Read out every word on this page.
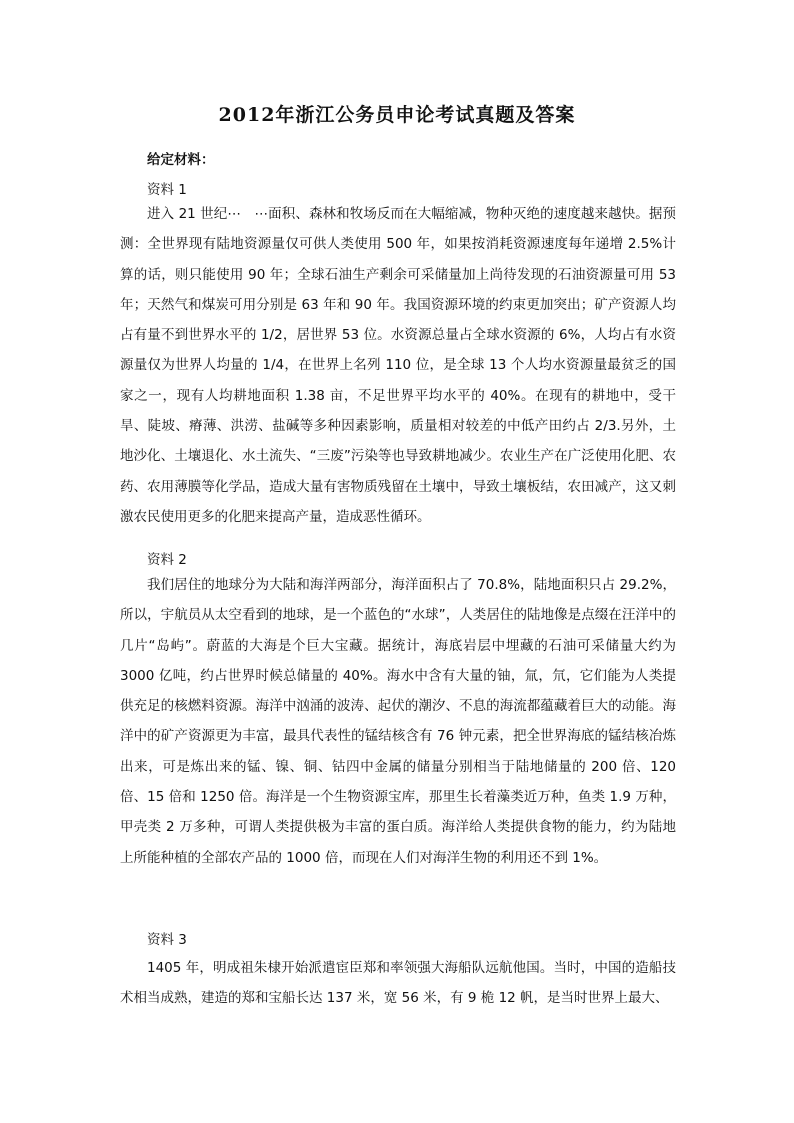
2012年浙江公务员申论考试真题及答案
给定材料：
资料 1

进入 21 世纪⋯　⋯面积、森林和牧场反而在大幅缩减，物种灭绝的速度越来越快。据预测：全世界现有陆地资源量仅可供人类使用 500 年，如果按消耗资源速度每年递增 2.5%计算的话，则只能使用 90 年；全球石油生产剩余可采储量加上尚待发现的石油资源量可用 53 年；天然气和煤炭可用分别是 63 年和 90 年。我国资源环境的约束更加突出；矿产资源人均占有量不到世界水平的 1/2，居世界 53 位。水资源总量占全球水资源的 6%，人均占有水资源量仅为世界人均量的 1/4，在世界上名列 110 位，是全球 13 个人均水资源量最贫乏的国家之一，现有人均耕地面积 1.38 亩，不足世界平均水平的 40%。在现有的耕地中，受干旱、陡坡、瘠薄、洪涝、盐碱等多种因素影响，质量相对较差的中低产田约占 2/3.另外，土地沙化、土壤退化、水土流失、“三废”污染等也导致耕地减少。农业生产在广泛使用化肥、农药、农用薄膜等化学品，造成大量有害物质残留在土壤中，导致土壤板结，农田减产，这又刺激农民使用更多的化肥来提高产量，造成恶性循环。

资料 2

我们居住的地球分为大陆和海洋两部分，海洋面积占了 70.8%，陆地面积只占 29.2%，所以，宇航员从太空看到的地球，是一个蓝色的“水球”，人类居住的陆地像是点缀在汪洋中的几片“岛屿”。蔚蓝的大海是个巨大宝藏。据统计，海底岩层中埋藏的石油可采储量大约为 3000 亿吨，约占世界时候总储量的 40%。海水中含有大量的铀，氚，氘，它们能为人类提供充足的核燃料资源。海洋中汹涌的波涛、起伏的潮汐、不息的海流都蕴藏着巨大的动能。海洋中的矿产资源更为丰富，最具代表性的锰结核含有 76 钟元素，把全世界海底的锰结核冶炼出来，可是炼出来的锰、镍、铜、钴四中金属的储量分别相当于陆地储量的 200 倍、120 倍、15 倍和 1250 倍。海洋是一个生物资源宝库，那里生长着藻类近万种，鱼类 1.9 万种，甲壳类 2 万多种，可谓人类提供极为丰富的蛋白质。海洋给人类提供食物的能力，约为陆地上所能种植的全部农产品的 1000 倍，而现在人们对海洋生物的利用还不到 1%。

资料 3

1405 年，明成祖朱棣开始派遣宦臣郑和率领强大海船队远航他国。当时，中国的造船技术相当成熟，建造的郑和宝船长达 137 米，宽 56 米，有 9 桅 12 帆，是当时世界上最大、
